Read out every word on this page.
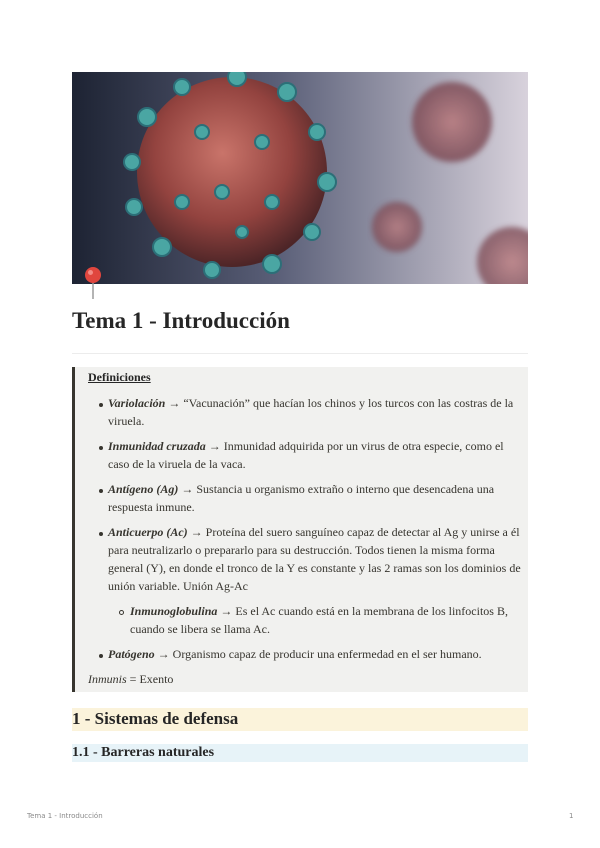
Tema 1 - Introducción
Definiciones
Variolación → “Vacunación” que hacían los chinos y los turcos con las costras de la
viruela.
Inmunidad cruzada → Inmunidad adquirida por un virus de otra especie, como el
caso de la viruela de la vaca.
Antígeno (Ag) → Sustancia u organismo extraño o interno que desencadena una
respuesta inmune.
Anticuerpo (Ac) → Proteína del suero sanguíneo capaz de detectar al Ag y unirse a él
para neutralizarlo o prepararlo para su destrucción. Todos tienen la misma forma
general (Y), en donde el tronco de la Y es constante y las 2 ramas son los dominios de
unión variable. Unión Ag-Ac
Inmunoglobulina → Es el Ac cuando está en la membrana de los linfocitos B,
cuando se libera se llama Ac.
Patógeno → Organismo capaz de producir una enfermedad en el ser humano.
Inmunis = Exento
1 - Sistemas de defensa
1.1 - Barreras naturales
Tema 1 - Introducción	1
